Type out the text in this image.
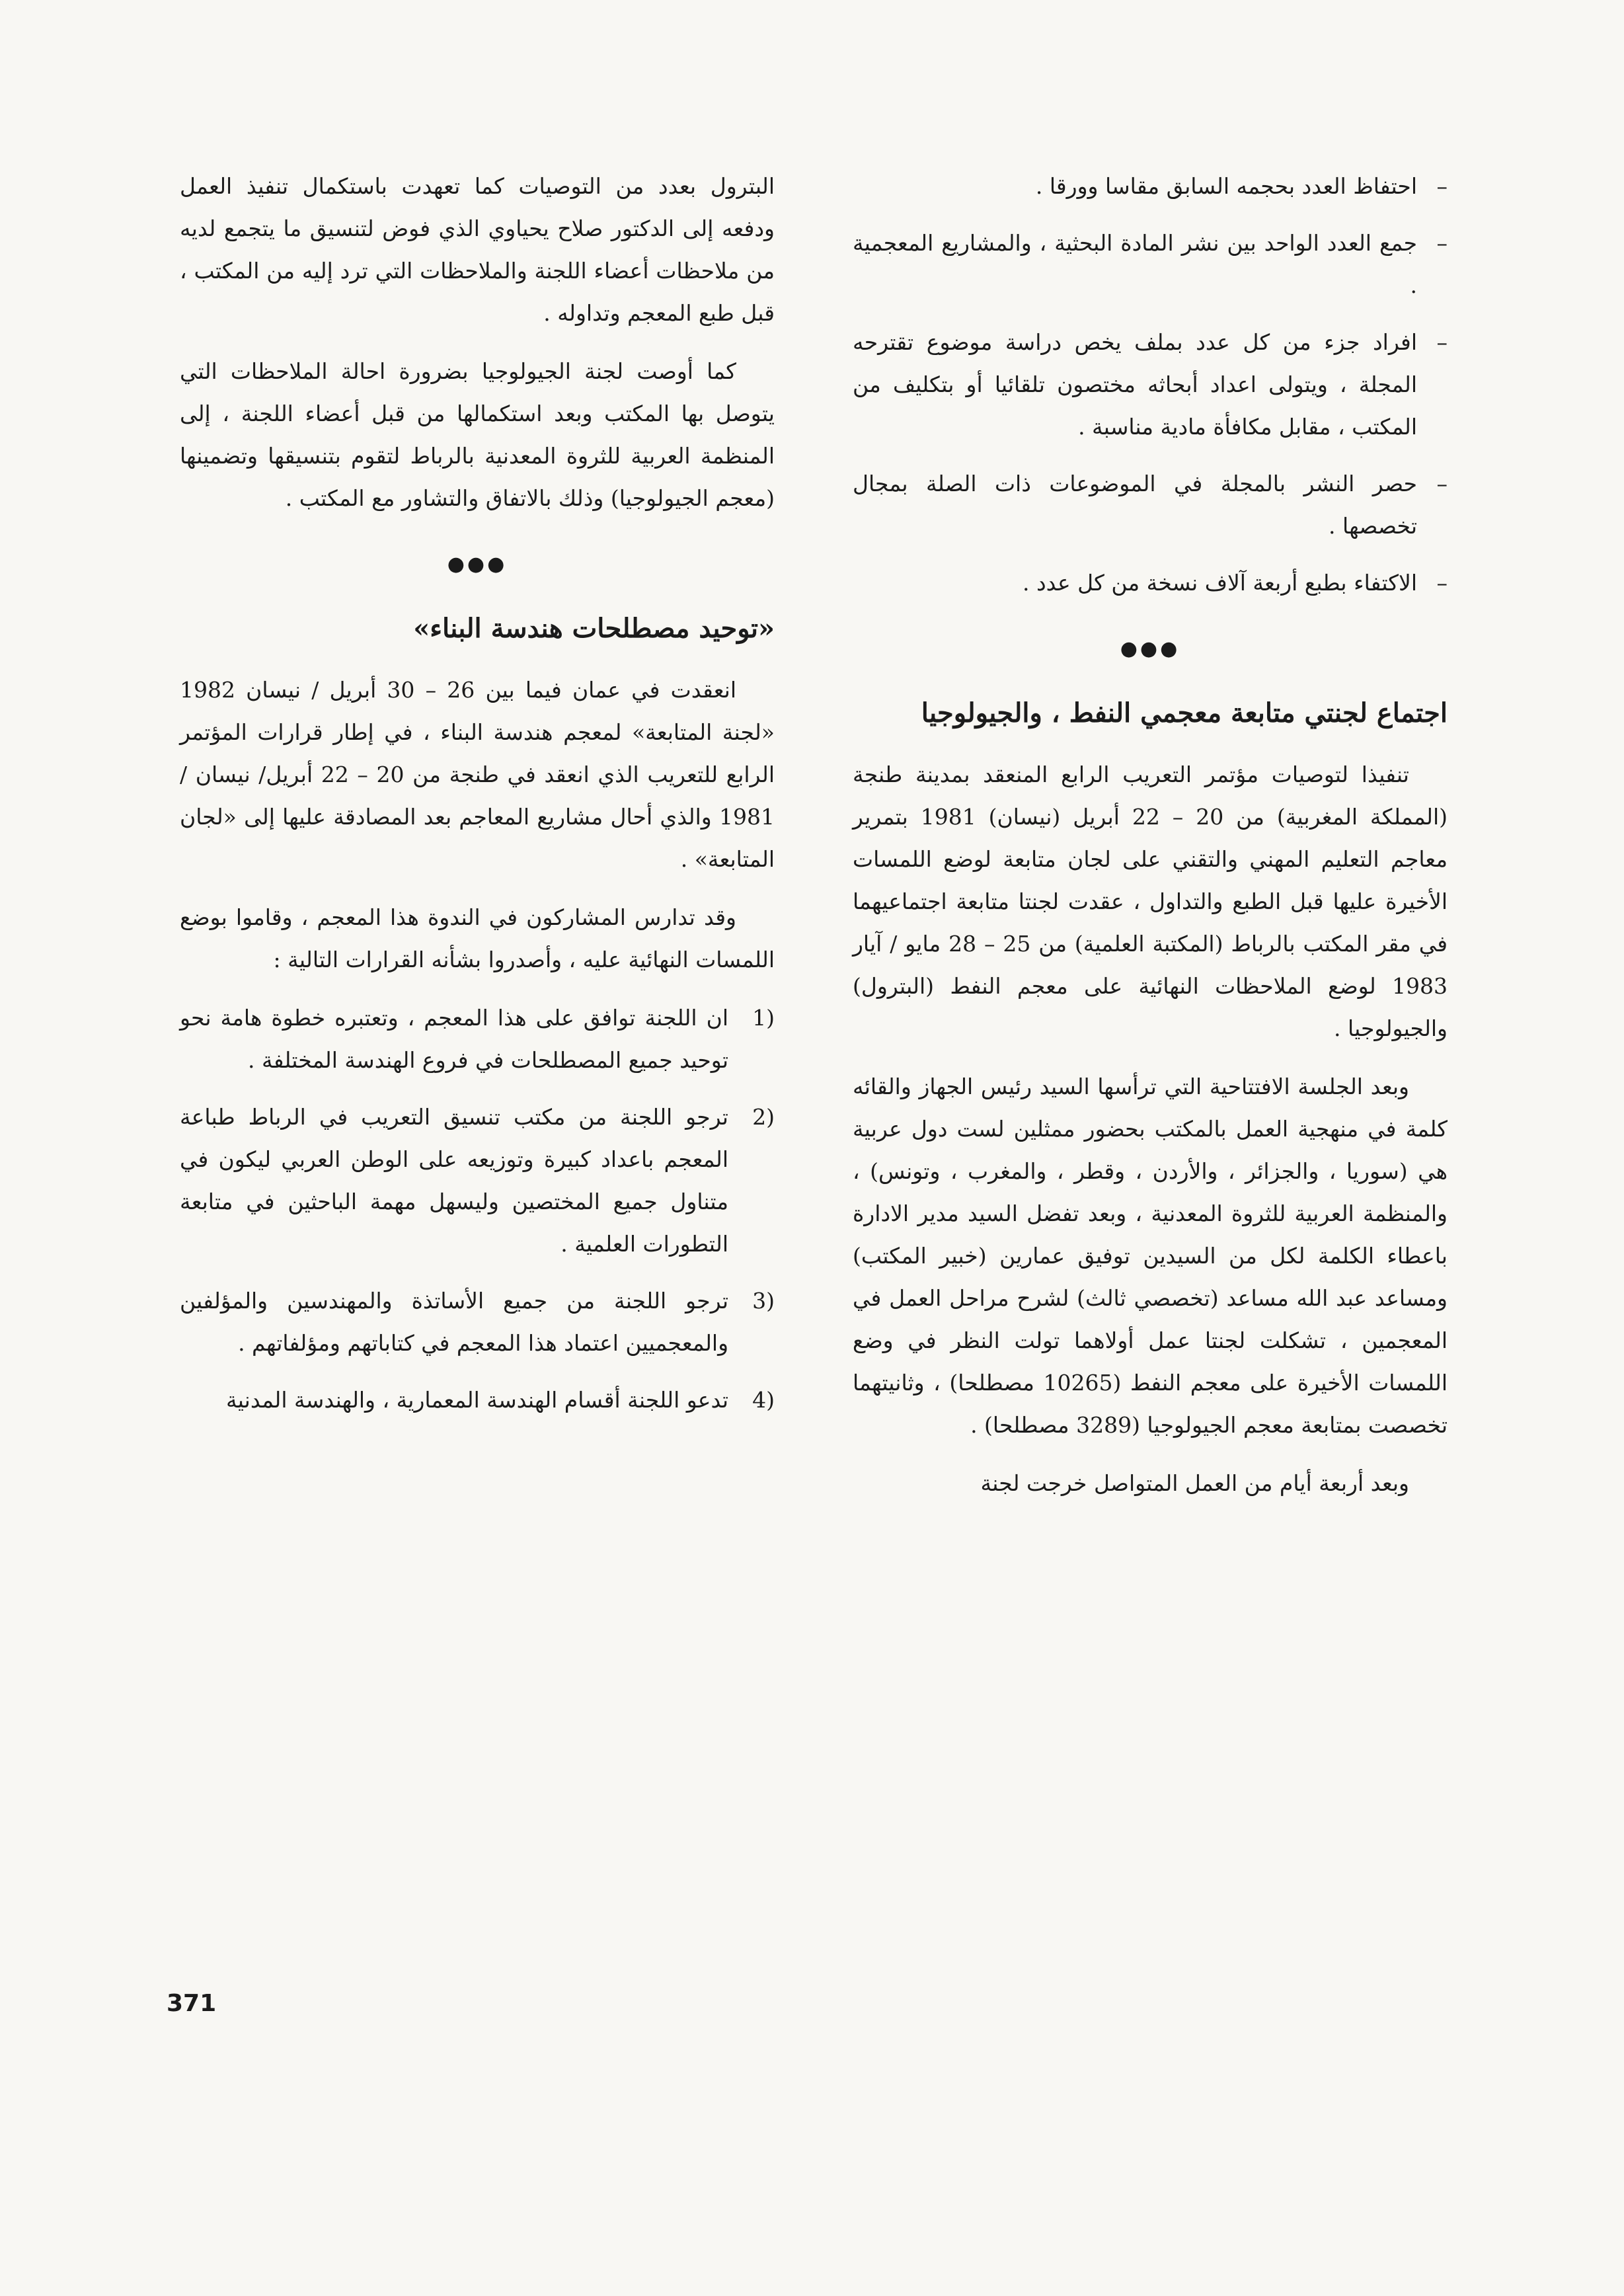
–
احتفاظ العدد بحجمه السابق مقاسا وورقا .
–
جمع العدد الواحد بين نشر المادة البحثية ، والمشاريع المعجمية .
–
افراد جزء من كل عدد بملف يخص دراسة موضوع تقترحه المجلة ، ويتولى اعداد أبحاثه مختصون تلقائيا أو بتكليف من المكتب ، مقابل مكافأة مادية مناسبة .
–
حصر النشر بالمجلة في الموضوعات ذات الصلة بمجال تخصصها .
–
الاكتفاء بطبع أربعة آلاف نسخة من كل عدد .
●●●
اجتماع لجنتي متابعة معجمي النفط ، والجيولوجيا

تنفيذا لتوصيات مؤتمر التعريب الرابع المنعقد بمدينة طنجة (المملكة المغربية) من 20 – 22 أبريل (نيسان) 1981 بتمرير معاجم التعليم المهني والتقني على لجان متابعة لوضع اللمسات الأخيرة عليها قبل الطبع والتداول ، عقدت لجنتا متابعة اجتماعيهما في مقر المكتب بالرباط (المكتبة العلمية) من 25 – 28 مايو / آيار 1983 لوضع الملاحظات النهائية على معجم النفط (البترول) والجيولوجيا .

وبعد الجلسة الافتتاحية التي ترأسها السيد رئيس الجهاز والقائه كلمة في منهجية العمل بالمكتب بحضور ممثلين لست دول عربية هي (سوريا ، والجزائر ، والأردن ، وقطر ، والمغرب ، وتونس) ، والمنظمة العربية للثروة المعدنية ، وبعد تفضل السيد مدير الادارة باعطاء الكلمة لكل من السيدين توفيق عمارين (خبير المكتب) ومساعد عبد الله مساعد (تخصصي ثالث) لشرح مراحل العمل في المعجمين ، تشكلت لجنتا عمل أولاهما تولت النظر في وضع اللمسات الأخيرة على معجم النفط (10265 مصطلحا) ، وثانيتهما تخصصت بمتابعة معجم الجيولوجيا (3289 مصطلحا) .

وبعد أربعة أيام من العمل المتواصل خرجت لجنة

البترول بعدد من التوصيات كما تعهدت باستكمال تنفيذ العمل ودفعه إلى الدكتور صلاح يحياوي الذي فوض لتنسيق ما يتجمع لديه من ملاحظات أعضاء اللجنة والملاحظات التي ترد إليه من المكتب ، قبل طبع المعجم وتداوله .

كما أوصت لجنة الجيولوجيا بضرورة احالة الملاحظات التي يتوصل بها المكتب وبعد استكمالها من قبل أعضاء اللجنة ، إلى المنظمة العربية للثروة المعدنية بالرباط لتقوم بتنسيقها وتضمينها (معجم الجيولوجيا) وذلك بالاتفاق والتشاور مع المكتب .

●●●
«توحيد مصطلحات هندسة البناء»

انعقدت في عمان فيما بين 26 – 30 أبريل / نيسان 1982 «لجنة المتابعة» لمعجم هندسة البناء ، في إطار قرارات المؤتمر الرابع للتعريب الذي انعقد في طنجة من 20 – 22 أبريل/ نيسان / 1981 والذي أحال مشاريع المعاجم بعد المصادقة عليها إلى «لجان المتابعة» .

وقد تدارس المشاركون في الندوة هذا المعجم ، وقاموا بوضع اللمسات النهائية عليه ، وأصدروا بشأنه القرارات التالية :

1)
ان اللجنة توافق على هذا المعجم ، وتعتبره خطوة هامة نحو توحيد جميع المصطلحات في فروع الهندسة المختلفة .
2)
ترجو اللجنة من مكتب تنسيق التعريب في الرباط طباعة المعجم باعداد كبيرة وتوزيعه على الوطن العربي ليكون في متناول جميع المختصين وليسهل مهمة الباحثين في متابعة التطورات العلمية .
3)
ترجو اللجنة من جميع الأساتذة والمهندسين والمؤلفين والمعجميين اعتماد هذا المعجم في كتاباتهم ومؤلفاتهم .
4)
تدعو اللجنة أقسام الهندسة المعمارية ، والهندسة المدنية
371
